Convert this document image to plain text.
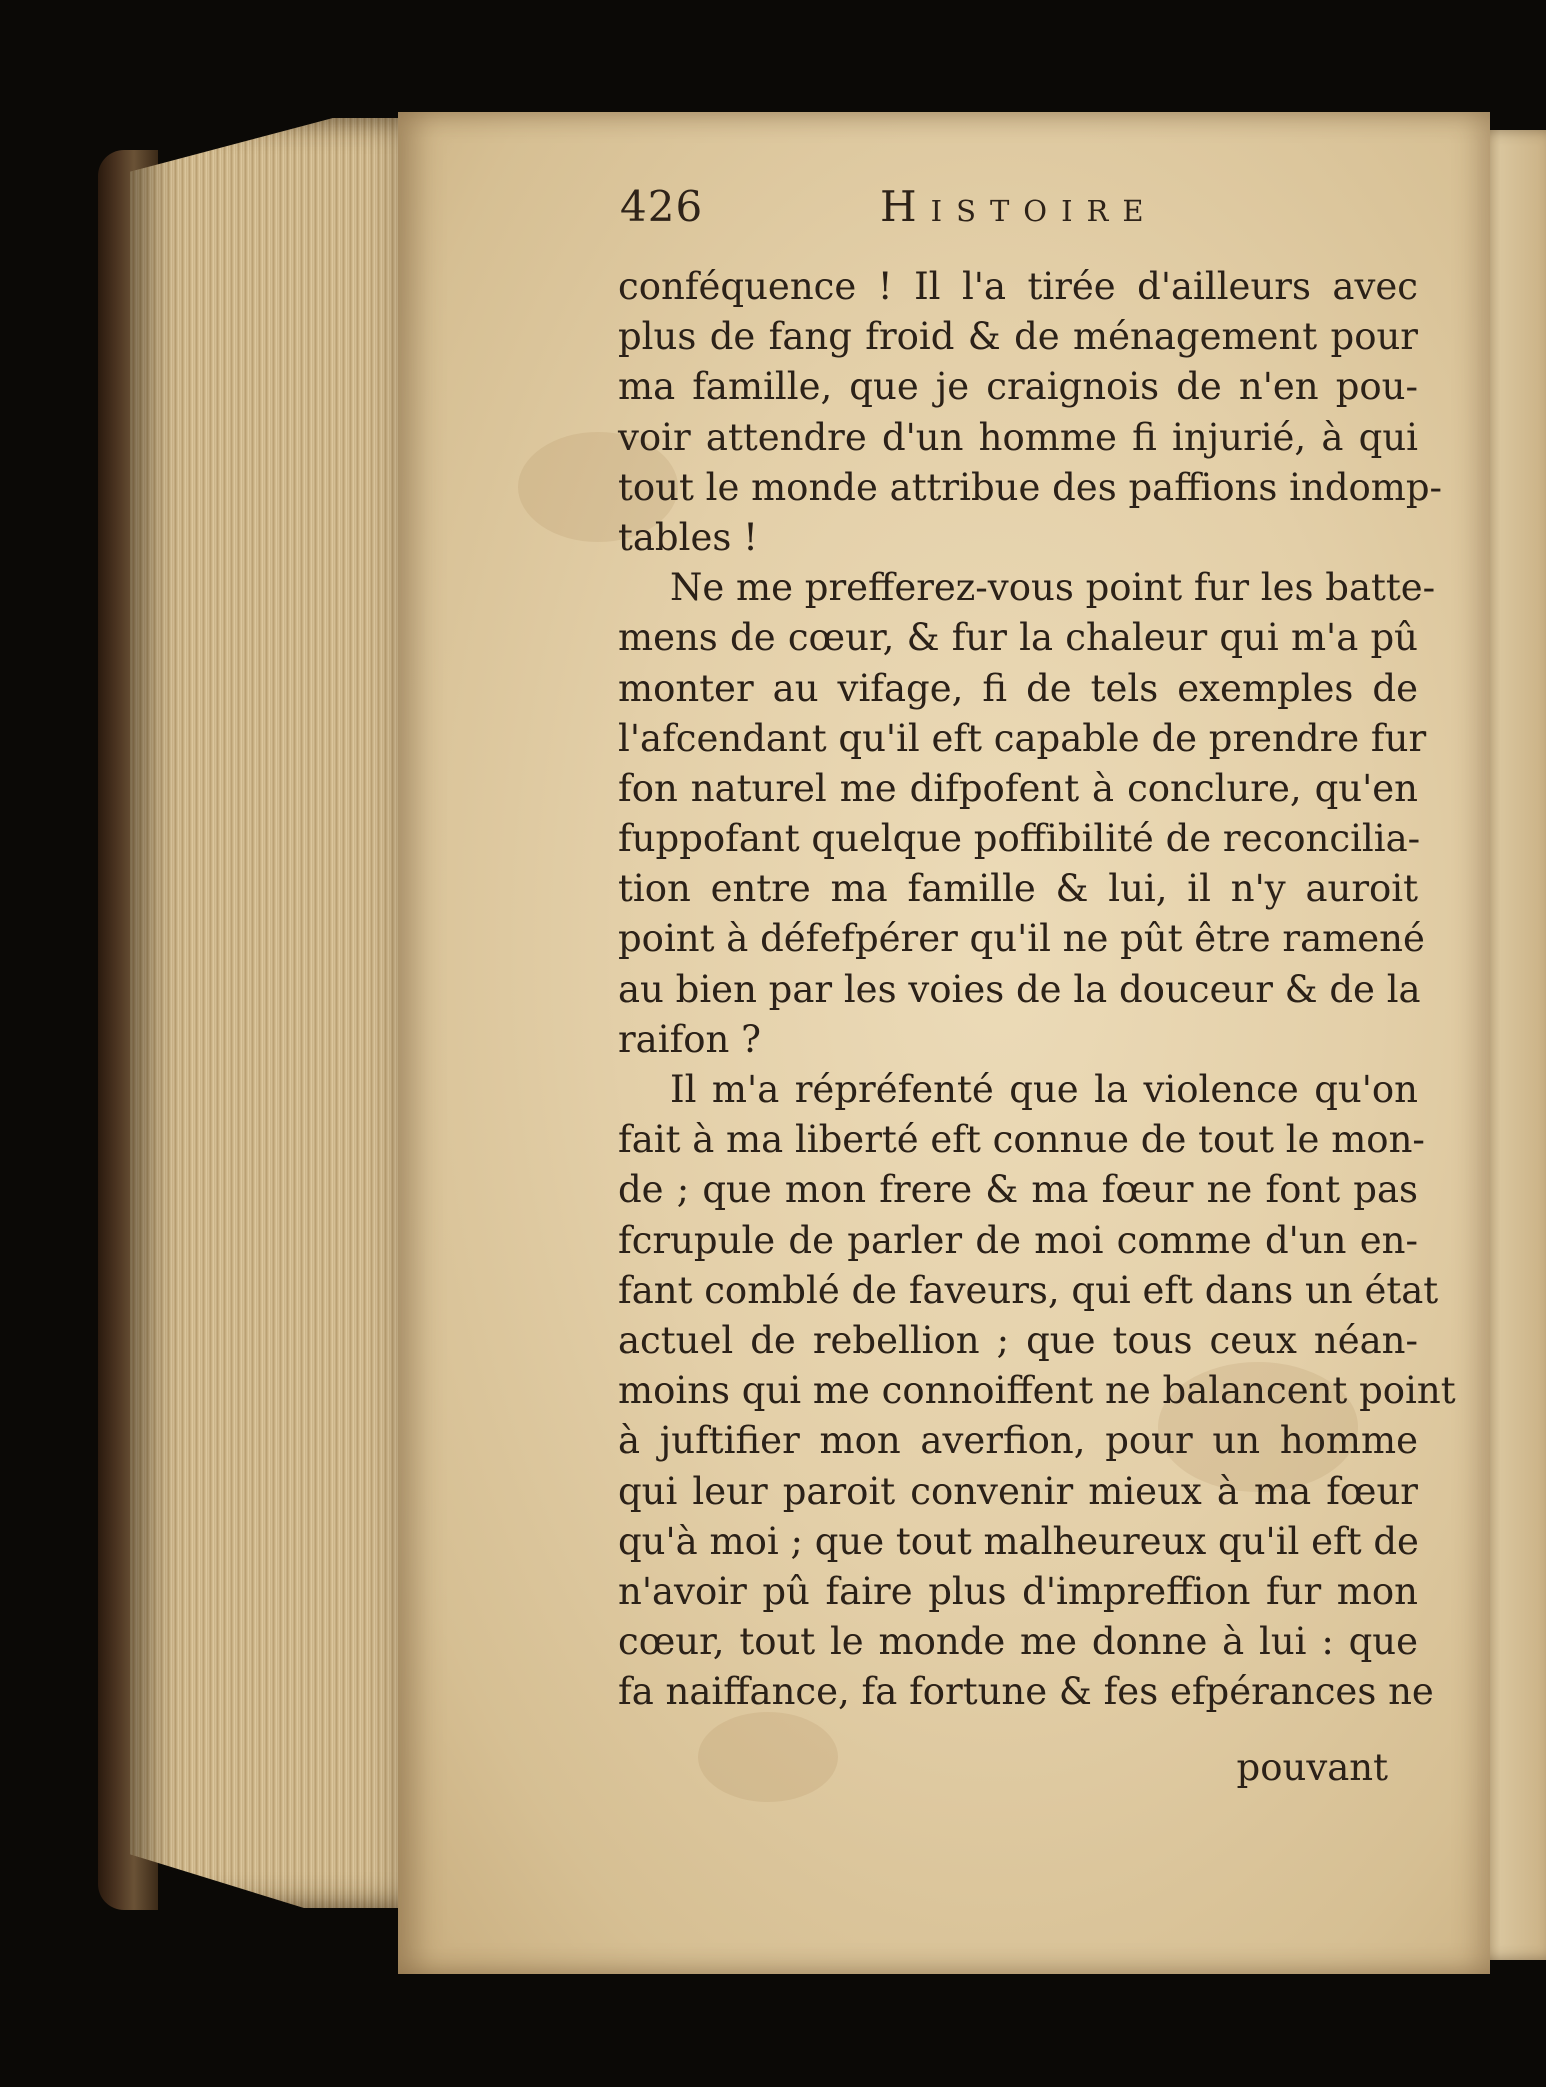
426	Histoire
conféquence ! Il l'a tirée d'ailleurs avec
plus de fang froid & de ménagement pour
ma famille, que je craignois de n'en pou-
voir attendre d'un homme fi injurié, à qui
tout le monde attribue des paffions indomp-
tables !
Ne me prefferez-vous point fur les batte-
mens de cœur, & fur la chaleur qui m'a pû
monter au vifage, fi de tels exemples de
l'afcendant qu'il eft capable de prendre fur
fon naturel me difpofent à conclure, qu'en
fuppofant quelque poffibilité de reconcilia-
tion entre ma famille & lui, il n'y auroit
point à défefpérer qu'il ne pût être ramené
au bien par les voies de la douceur & de la
raifon ?
Il m'a répréfenté que la violence qu'on
fait à ma liberté eft connue de tout le mon-
de ; que mon frere & ma fœur ne font pas
fcrupule de parler de moi comme d'un en-
fant comblé de faveurs, qui eft dans un état
actuel de rebellion ; que tous ceux néan-
moins qui me connoiffent ne balancent point
à juftifier mon averfion, pour un homme
qui leur paroit convenir mieux à ma fœur
qu'à moi ; que tout malheureux qu'il eft de
n'avoir pû faire plus d'impreffion fur mon
cœur, tout le monde me donne à lui : que
fa naiffance, fa fortune & fes efpérances ne
pouvant
